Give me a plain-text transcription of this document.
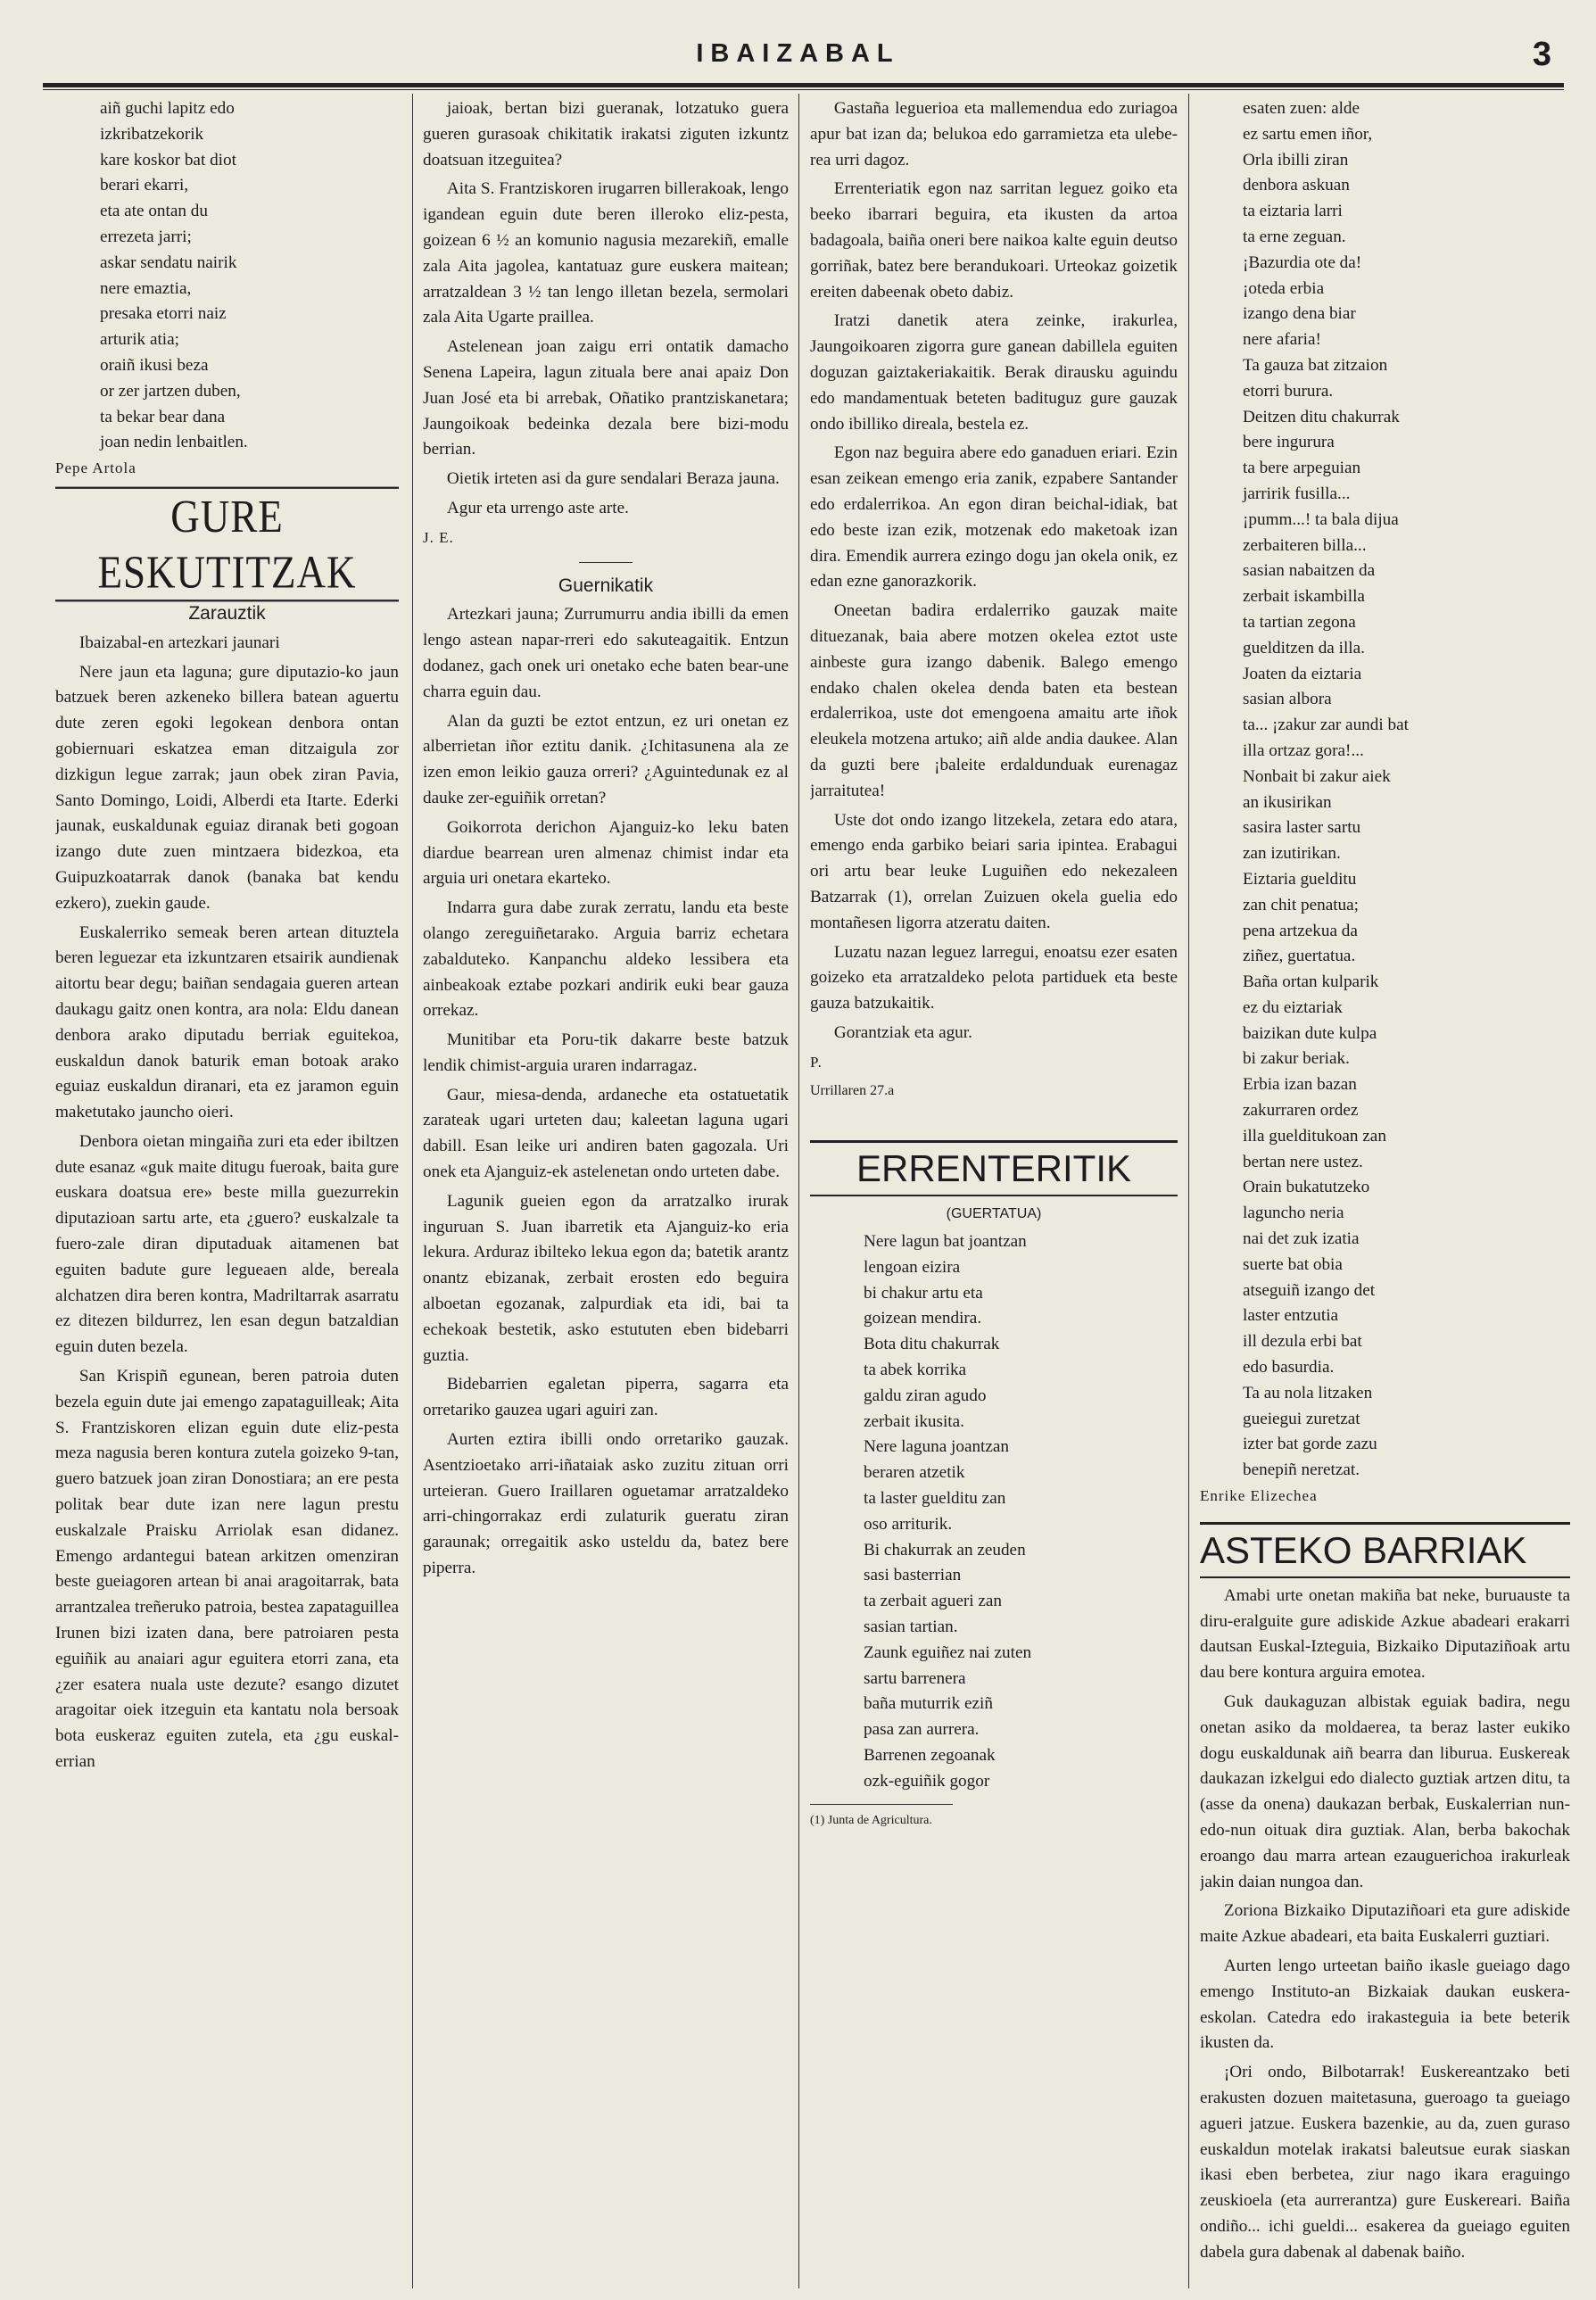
IBAIZABAL	3
aiñ guchi lapitz edo
izkribatzekorik
kare koskor bat diot
berari ekarri,
eta ate ontan du
errezeta jarri;
askar sendatu nairik
nere emaztia,
presaka etorri naiz
arturik atia;
oraiñ ikusi beza
or zer jartzen duben,
ta bekar bear dana
joan nedin lenbaitlen.

Pepe Artola

GURE ESKUTITZAK
Zarauztik

Ibaizabal-en artezkari jaunari

Nere jaun eta laguna; gure diputazio-ko jaun batzuek beren azkeneko billera batean aguertu dute zeren egoki legokean denbora ontan gobiernuari eskatzea eman ditzaigula zor dizkigun legue zarrak; jaun obek ziran Pavia, Santo Domingo, Loidi, Alberdi eta Itarte. Ederki jaunak, euskaldunak eguiaz diranak beti gogoan izango dute zuen mintzaera bidezkoa, eta Guipuzkoatarrak danok (banaka bat kendu ezkero), zuekin gaude.

Euskalerriko semeak beren artean dituztela beren leguezar eta izkuntzaren etsairik aundienak aitortu bear degu; baiñan sendagaia gueren artean daukagu gaitz onen kontra, ara nola: Eldu danean denbora arako diputadu berriak eguitekoa, euskaldun danok baturik eman botoak arako eguiaz euskaldun diranari, eta ez jaramon eguin maketutako jauncho oieri.

Denbora oietan mingaiña zuri eta eder ibiltzen dute esanaz «guk maite ditugu fueroak, baita gure euskara doatsua ere» beste milla guezurrekin diputazioan sartu arte, eta ¿guero? euskalzale ta fuero-zale diran diputaduak aitamenen bat eguiten badute gure legueaen alde, bereala alchatzen dira beren kontra, Madriltarrak asarratu ez ditezen bildurrez, len esan degun batzaldian eguin duten bezela.

San Krispiñ egunean, beren patroia duten bezela eguin dute jai emengo zapataguilleak; Aita S. Frantziskoren elizan eguin dute eliz-pesta meza nagusia beren kontura zutela goizeko 9-tan, guero batzuek joan ziran Donostiara; an ere pesta politak bear dute izan nere lagun prestu euskalzale Praisku Arriolak esan didanez. Emengo ardantegui batean arkitzen omenziran beste gueiagoren artean bi anai aragoitarrak, bata arrantzalea treñeruko patroia, bestea zapataguillea Irunen bizi izaten dana, bere patroiaren pesta eguiñik au anaiari agur eguitera etorri zana, eta ¿zer esatera nuala uste dezute? esango dizutet aragoitar oiek itzeguin eta kantatu nola bersoak bota euskeraz eguiten zutela, eta ¿gu euskal-errian

jaioak, bertan bizi gueranak, lotzatuko guera gueren gurasoak chikitatik irakatsi ziguten izkuntz doatsuan itzeguitea?

Aita S. Frantziskoren irugarren billerakoak, lengo igandean eguin dute beren illeroko eliz-pesta, goizean 6 ½ an komunio nagusia mezarekiñ, emalle zala Aita jagolea, kantatuaz gure euskera maitean; arratzaldean 3 ½ tan lengo illetan bezela, sermolari zala Aita Ugarte praillea.

Astelenean joan zaigu erri ontatik damacho Senena Lapeira, lagun zituala bere anai apaiz Don Juan José eta bi arrebak, Oñatiko prantziskanetara; Jaungoikoak bedeinka dezala bere bizi-modu berrian.

Oietik irteten asi da gure sendalari Beraza jauna.

Agur eta urrengo aste arte.

J. E.

Guernikatik

Artezkari jauna; Zurrumurru andia ibilli da emen lengo astean napar-rreri edo sakuteagaitik. Entzun dodanez, gach onek uri onetako eche baten bear-une charra eguin dau.

Alan da guzti be eztot entzun, ez uri onetan ez alberrietan iñor eztitu danik. ¿Ichitasunena ala ze izen emon leikio gauza orreri? ¿Aguintedunak ez al dauke zer-eguiñik orretan?

Goikorrota derichon Ajanguiz-ko leku baten diardue bearrean uren almenaz chimist indar eta arguia uri onetara ekarteko.

Indarra gura dabe zurak zerratu, landu eta beste olango zereguiñetarako. Arguia barriz echetara zabalduteko. Kanpanchu aldeko lessibera eta ainbeakoak eztabe pozkari andirik euki bear gauza orrekaz.

Munitibar eta Poru-tik dakarre beste batzuk lendik chimist-arguia uraren indarragaz.

Gaur, miesa-denda, ardaneche eta ostatuetatik zarateak ugari urteten dau; kaleetan laguna ugari dabill. Esan leike uri andiren baten gagozala. Uri onek eta Ajanguiz-ek astelenetan ondo urteten dabe.

Lagunik gueien egon da arratzalko irurak inguruan S. Juan ibarretik eta Ajanguiz-ko eria lekura. Arduraz ibilteko lekua egon da; batetik arantz onantz ebizanak, zerbait erosten edo beguira alboetan egozanak, zalpurdiak eta idi, bai ta echekoak bestetik, asko estututen eben bidebarri guztia.

Bidebarrien egaletan piperra, sagarra eta orretariko gauzea ugari aguiri zan.

Aurten eztira ibilli ondo orretariko gauzak. Asentzioetako arri-iñataiak asko zuzitu zituan orri urteieran. Guero Iraillaren oguetamar arratzaldeko arri-chingorrakaz erdi zulaturik gueratu ziran garaunak; orregaitik asko usteldu da, batez bere piperra.

Gastaña leguerioa eta mallemendua edo zuriagoa apur bat izan da; belukoa edo garramietza eta ulebe-rea urri dagoz.

Errenteriatik egon naz sarritan leguez goiko eta beeko ibarrari beguira, eta ikusten da artoa badagoala, baiña oneri bere naikoa kalte eguin deutso gorriñak, batez bere berandukoari. Urteokaz goizetik ereiten dabeenak obeto dabiz.

Iratzi danetik atera zeinke, irakurlea, Jaungoikoaren zigorra gure ganean dabillela eguiten doguzan gaiztakeriakaitik. Berak dirausku aguindu edo mandamentuak beteten badituguz gure gauzak ondo ibilliko direala, bestela ez.

Egon naz beguira abere edo ganaduen eriari. Ezin esan zeikean emengo eria zanik, ezpabere Santander edo erdalerrikoa. An egon diran beichal-idiak, bat edo beste izan ezik, motzenak edo maketoak izan dira. Emendik aurrera ezingo dogu jan okela onik, ez edan ezne ganorazkorik.

Oneetan badira erdalerriko gauzak maite dituezanak, baia abere motzen okelea eztot uste ainbeste gura izango dabenik. Balego emengo endako chalen okelea denda baten eta bestean erdalerrikoa, uste dot emengoena amaitu arte iñok eleukela motzena artuko; aiñ alde andia daukee. Alan da guzti bere ¡baleite erdaldunduak eurenagaz jarraitutea!

Uste dot ondo izango litzekela, zetara edo atara, emengo enda garbiko beiari saria ipintea. Erabagui ori artu bear leuke Luguiñen edo nekezaleen Batzarrak (1), orrelan Zuizuen okela guelia edo montañesen ligorra atzeratu daiten.

Luzatu nazan leguez larregui, enoatsu ezer esaten goizeko eta arratzaldeko pelota partiduek eta beste gauza batzukaitik.

Gorantziak eta agur.

P.

Urrillaren 27.a

ERRENTERITIK
(GUERTATUA)
Nere lagun bat joantzan
lengoan eizira
bi chakur artu eta
goizean mendira.
Bota ditu chakurrak
ta abek korrika
galdu ziran agudo
zerbait ikusita.
Nere laguna joantzan
beraren atzetik
ta laster guelditu zan
oso arriturik.
Bi chakurrak an zeuden
sasi basterrian
ta zerbait agueri zan
sasian tartian.
Zaunk eguiñez nai zuten
sartu barrenera
baña muturrik eziñ
pasa zan aurrera.
Barrenen zegoanak
ozk-eguiñik gogor
(1) Junta de Agricultura.
esaten zuen: alde
ez sartu emen iñor,
Orla ibilli ziran
denbora askuan
ta eiztaria larri
ta erne zeguan.
¡Bazurdia ote da!
¡oteda erbia
izango dena biar
nere afaria!
Ta gauza bat zitzaion
etorri burura.
Deitzen ditu chakurrak
bere ingurura
ta bere arpeguian
jarririk fusilla...
¡pumm...! ta bala dijua
zerbaiteren billa...
sasian nabaitzen da
zerbait iskambilla
ta tartian zegona
guelditzen da illa.
Joaten da eiztaria
sasian albora
ta... ¡zakur zar aundi bat
illa ortzaz gora!...
Nonbait bi zakur aiek
an ikusirikan
sasira laster sartu
zan izutirikan.
Eiztaria guelditu
zan chit penatua;
pena artzekua da
ziñez, guertatua.
Baña ortan kulparik
ez du eiztariak
baizikan dute kulpa
bi zakur beriak.
Erbia izan bazan
zakurraren ordez
illa guelditukoan zan
bertan nere ustez.
Orain bukatutzeko
laguncho neria
nai det zuk izatia
suerte bat obia
atseguiñ izango det
laster entzutia
ill dezula erbi bat
edo basurdia.
Ta au nola litzaken
gueiegui zuretzat
izter bat gorde zazu
benepiñ neretzat.

Enrike Elizechea

ASTEKO BARRIAK

Amabi urte onetan makiña bat neke, buruauste ta diru-eralguite gure adiskide Azkue abadeari erakarri dautsan Euskal-Izteguia, Bizkaiko Diputaziñoak artu dau bere kontura arguira emotea.

Guk daukaguzan albistak eguiak badira, negu onetan asiko da moldaerea, ta beraz laster eukiko dogu euskaldunak aiñ bearra dan liburua. Euskereak daukazan izkelgui edo dialecto guztiak artzen ditu, ta (asse da onena) daukazan berbak, Euskalerrian nun-edo-nun oituak dira guztiak. Alan, berba bakochak eroango dau marra artean ezauguerichoa irakurleak jakin daian nungoa dan.

Zoriona Bizkaiko Diputaziñoari eta gure adiskide maite Azkue abadeari, eta baita Euskalerri guztiari.

Aurten lengo urteetan baiño ikasle gueiago dago emengo Instituto-an Bizkaiak daukan euskera-eskolan. Catedra edo irakasteguia ia bete beterik ikusten da.

¡Ori ondo, Bilbotarrak! Euskereantzako beti erakusten dozuen maitetasuna, gueroago ta gueiago agueri jatzue. Euskera bazenkie, au da, zuen guraso euskaldun motelak irakatsi baleutsue eurak siaskan ikasi eben berbetea, ziur nago ikara eraguingo zeuskioela (eta aurrerantza) gure Euskereari. Baiña ondiño... ichi gueldi... esakerea da gueiago eguiten dabela gura dabenak al dabenak baiño.
